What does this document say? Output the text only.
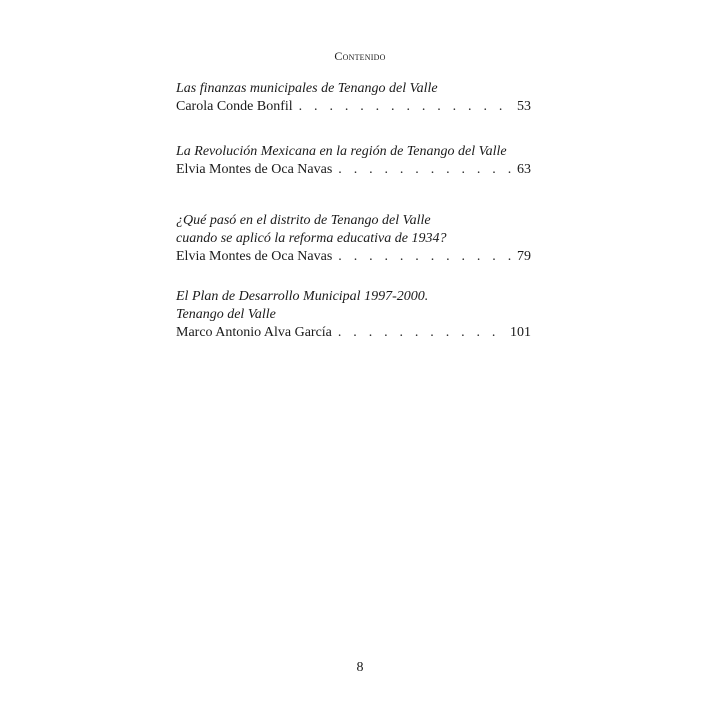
Contenido
Las finanzas municipales de Tenango del Valle
Carola Conde Bonfil . . .	53
La Revolución Mexicana en la región de Tenango del Valle
Elvia Montes de Oca Navas . . .	63
¿Qué pasó en el distrito de Tenango del Valle
cuando se aplicó la reforma educativa de 1934?
Elvia Montes de Oca Navas . . .	79
El Plan de Desarrollo Municipal 1997-2000.
Tenango del Valle
Marco Antonio Alva García . . .	101
8
